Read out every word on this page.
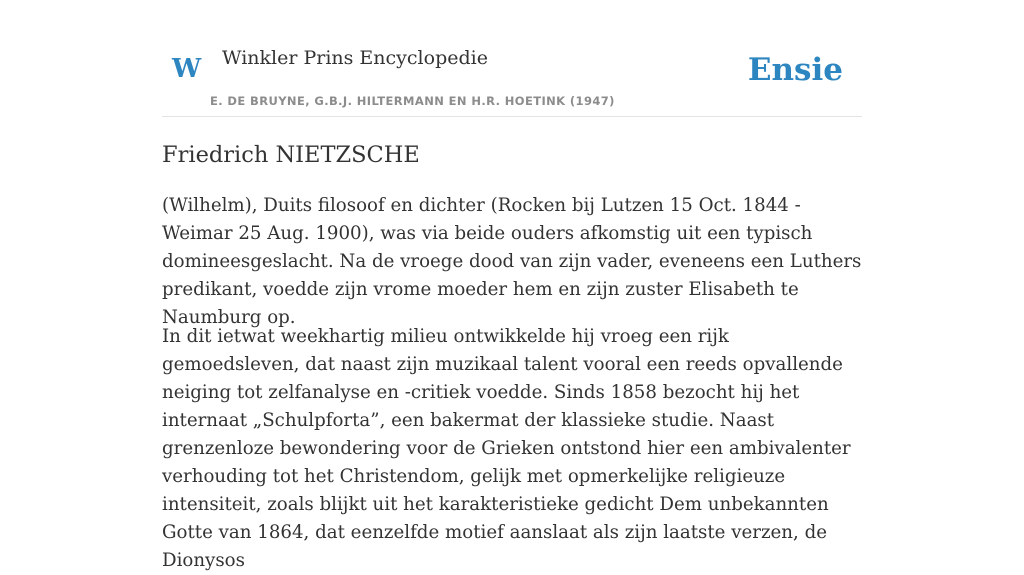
W Winkler Prins Encyclopedie
E. DE BRUYNE, G.B.J. HILTERMANN EN H.R. HOETINK (1947)
Ensie
Friedrich NIETZSCHE

(Wilhelm), Duits filosoof en dichter (Rocken bij Lutzen 15 Oct. 1844 - Weimar 25 Aug. 1900), was via beide ouders afkomstig uit een typisch domineesgeslacht. Na de vroege dood van zijn vader, eveneens een Luthers predikant, voedde zijn vrome moeder hem en zijn zuster Elisabeth te Naumburg op.

In dit ietwat weekhartig milieu ontwikkelde hij vroeg een rijk gemoedsleven, dat naast zijn muzikaal talent vooral een reeds opvallende neiging tot zelfanalyse en -critiek voedde. Sinds 1858 bezocht hij het internaat „Schulpforta”, een bakermat der klassieke studie. Naast grenzenloze bewondering voor de Grieken ontstond hier een ambivalenter verhouding tot het Christendom, gelijk met opmerkelijke religieuze intensiteit, zoals blijkt uit het karakteristieke gedicht Dem unbekannten Gotte van 1864, dat eenzelfde motief aanslaat als zijn laatste verzen, de Dionysos
